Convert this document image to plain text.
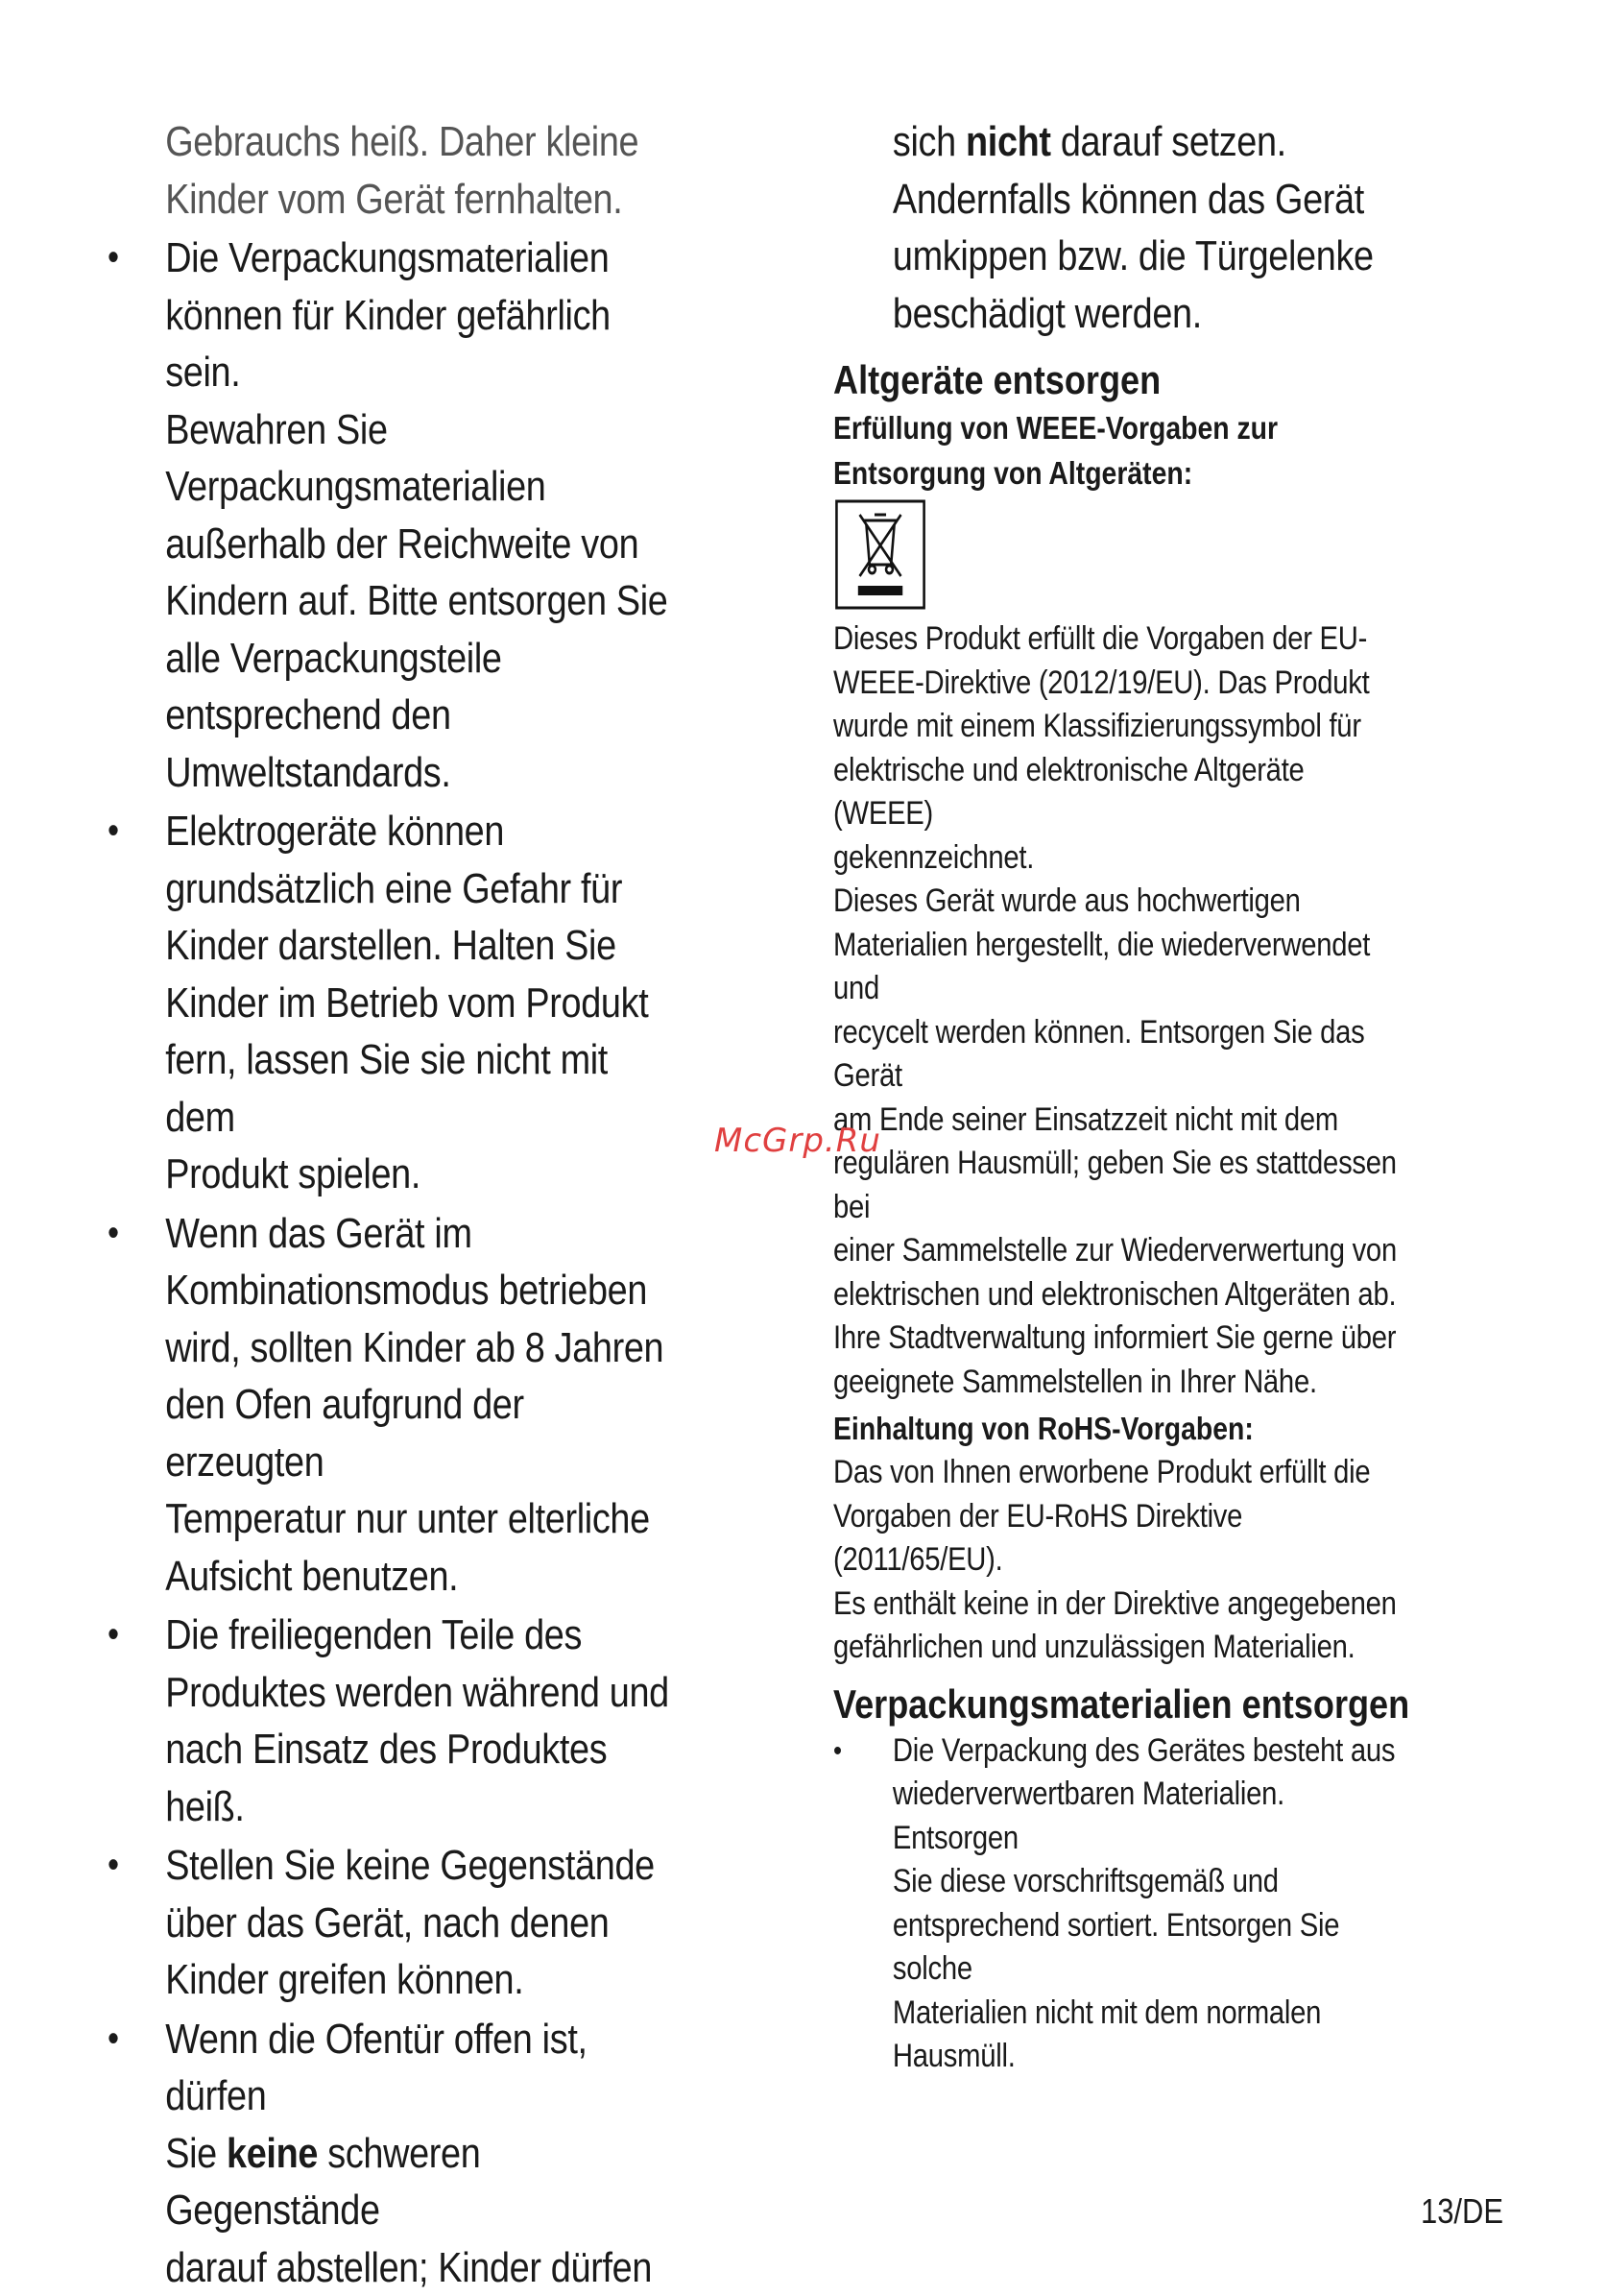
Gebrauchs heiß. Daher kleine
Kinder vom Gerät fernhalten.
•	Die Verpackungsmaterialien
können für Kinder gefährlich sein.
Bewahren Sie
Verpackungsmaterialien
außerhalb der Reichweite von
Kindern auf. Bitte entsorgen Sie
alle Verpackungsteile
entsprechend den
Umweltstandards.
•	Elektrogeräte können
grundsätzlich eine Gefahr für
Kinder darstellen. Halten Sie
Kinder im Betrieb vom Produkt
fern, lassen Sie sie nicht mit dem
Produkt spielen.
•	Wenn das Gerät im
Kombinationsmodus betrieben
wird, sollten Kinder ab 8 Jahren
den Ofen aufgrund der erzeugten
Temperatur nur unter elterliche
Aufsicht benutzen.
•	Die freiliegenden Teile des
Produktes werden während und
nach Einsatz des Produktes heiß.
•	Stellen Sie keine Gegenstände
über das Gerät, nach denen
Kinder greifen können.
•	Wenn die Ofentür offen ist, dürfen
Sie keine schweren Gegenstände
darauf abstellen; Kinder dürfen
sich nicht darauf setzen.
Andernfalls können das Gerät
umkippen bzw. die Türgelenke
beschädigt werden.
Altgeräte entsorgen
Erfüllung von WEEE-Vorgaben zur
Entsorgung von Altgeräten:
Dieses Produkt erfüllt die Vorgaben der EU-
WEEE-Direktive (2012/19/EU). Das Produkt
wurde mit einem Klassifizierungssymbol für
elektrische und elektronische Altgeräte (WEEE)
gekennzeichnet.
Dieses Gerät wurde aus hochwertigen
Materialien hergestellt, die wiederverwendet und
recycelt werden können. Entsorgen Sie das Gerät
am Ende seiner Einsatzzeit nicht mit dem
regulären Hausmüll; geben Sie es stattdessen bei
einer Sammelstelle zur Wiederverwertung von
elektrischen und elektronischen Altgeräten ab.
Ihre Stadtverwaltung informiert Sie gerne über
geeignete Sammelstellen in Ihrer Nähe.
Einhaltung von RoHS-Vorgaben:
Das von Ihnen erworbene Produkt erfüllt die
Vorgaben der EU-RoHS Direktive (2011/65/EU).
Es enthält keine in der Direktive angegebenen
gefährlichen und unzulässigen Materialien.
Verpackungsmaterialien entsorgen
• Die Verpackung des Gerätes besteht aus
wiederverwertbaren Materialien. Entsorgen
Sie diese vorschriftsgemäß und
entsprechend sortiert. Entsorgen Sie solche
Materialien nicht mit dem normalen
Hausmüll.
McGrp.Ru
13/DE
